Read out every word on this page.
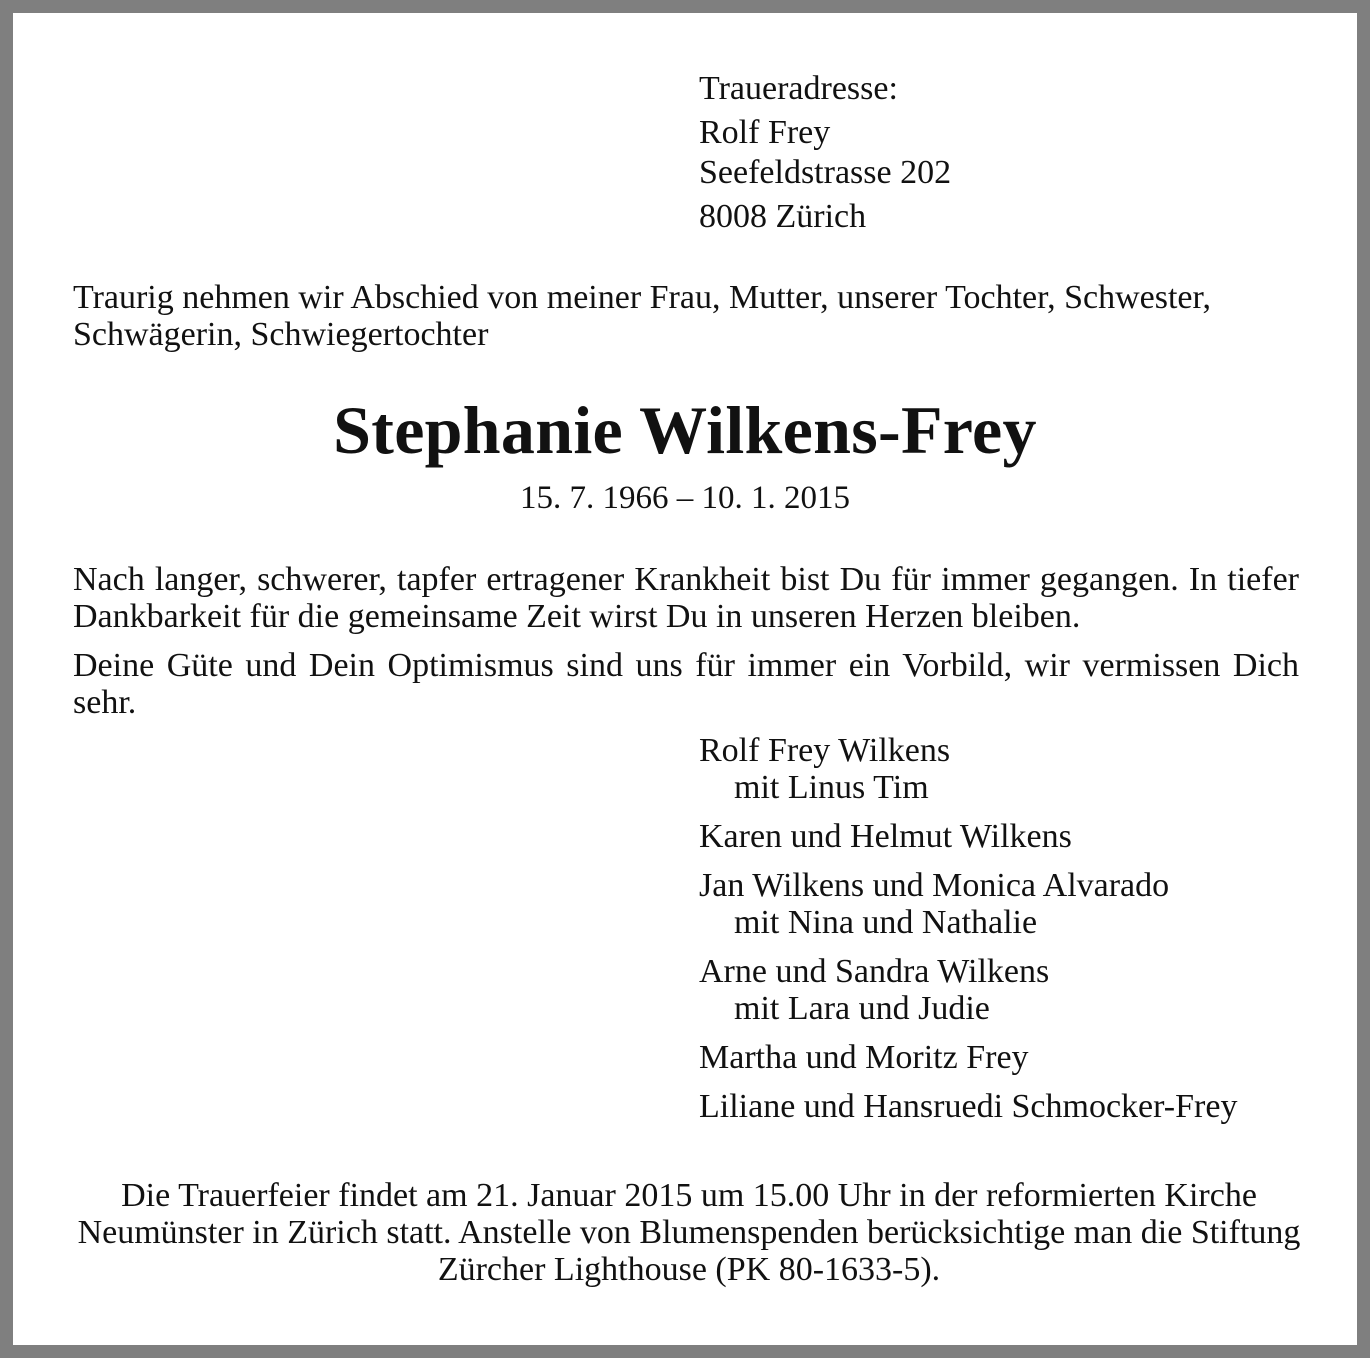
Traueradresse:
Rolf Frey
Seefeldstrasse 202
8008 Zürich
Traurig nehmen wir Abschied von meiner Frau, Mutter, unserer Tochter, Schwester, Schwägerin, Schwiegertochter
Stephanie Wilkens-Frey
15. 7. 1966 – 10. 1. 2015
Nach langer, schwerer, tapfer ertragener Krankheit bist Du für immer gegangen. In tiefer Dankbarkeit für die gemeinsame Zeit wirst Du in unseren Herzen bleiben.
Deine Güte und Dein Optimismus sind uns für immer ein Vorbild, wir vermissen Dich sehr.
Rolf Frey Wilkens
mit Linus Tim
Karen und Helmut Wilkens
Jan Wilkens und Monica Alvarado
mit Nina und Nathalie
Arne und Sandra Wilkens
mit Lara und Judie
Martha und Moritz Frey
Liliane und Hansruedi Schmocker-Frey
Die Trauerfeier findet am 21. Januar 2015 um 15.00 Uhr in der reformierten Kirche Neumünster in Zürich statt. Anstelle von Blumenspenden berücksichtige man die Stiftung Zürcher Lighthouse (PK 80-1633-5).
